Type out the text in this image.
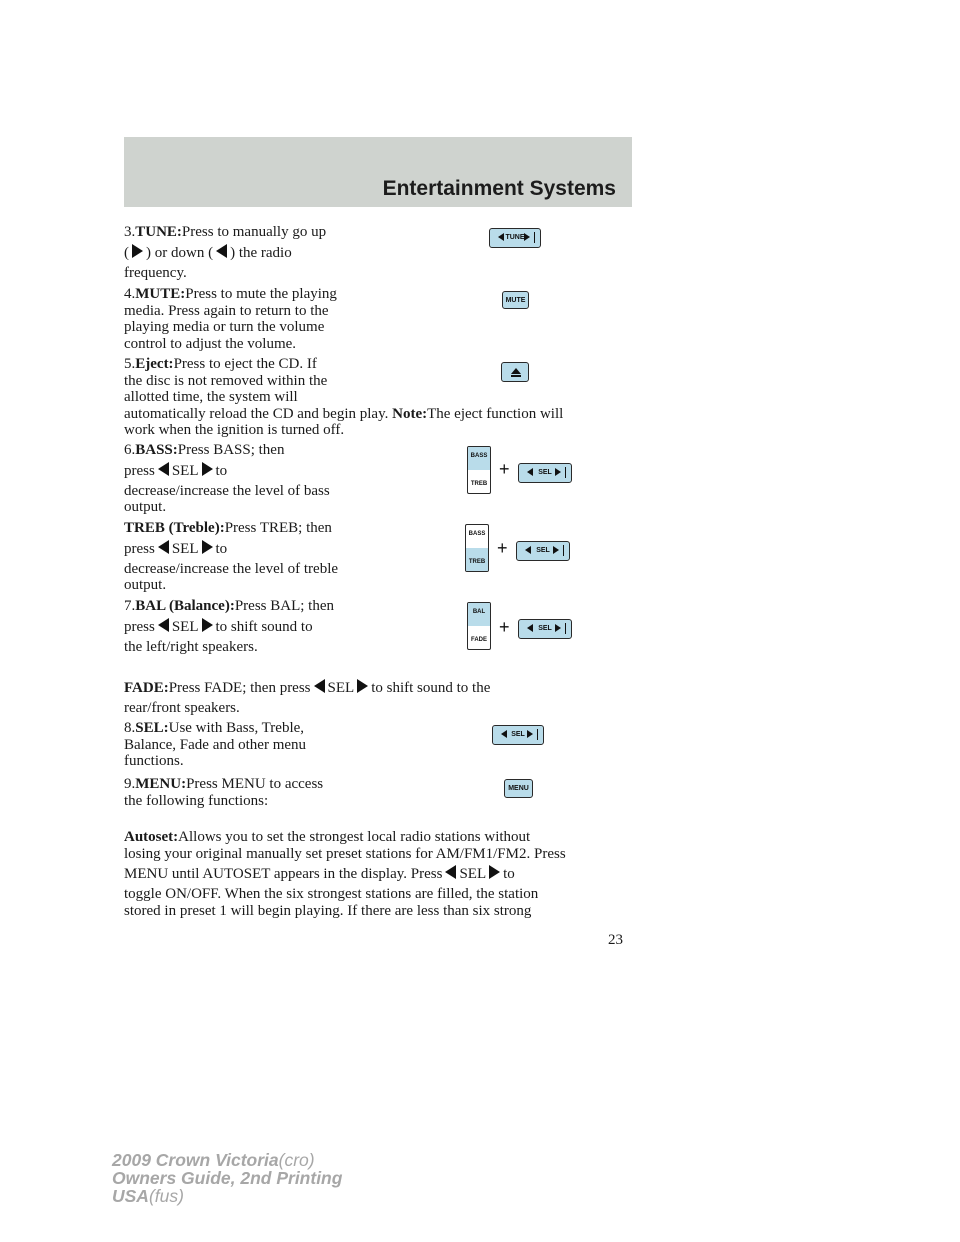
Entertainment Systems

3.TUNE:Press to manually go up
( ) or down ( ) the radio
frequency.

TUNE

4.MUTE:Press to mute the playing
media. Press again to return to the
playing media or turn the volume
control to adjust the volume.

MUTE

5.Eject:Press to eject the CD. If
the disc is not removed within the
allotted time, the system will
automatically reload the CD and begin play. Note:The eject function will
work when the ignition is turned off.

6.BASS:Press BASS; then
press SEL to
decrease/increase the level of bass
output.

BASS
TREB
+	SEL

TREB (Treble):Press TREB; then
press SEL to
decrease/increase the level of treble
output.

BASS
TREB
+	SEL

7.BAL (Balance):Press BAL; then
press SEL to shift sound to
the left/right speakers.

BAL
FADE
+	SEL

FADE:Press FADE; then press SEL to shift sound to the
rear/front speakers.

8.SEL:Use with Bass, Treble,
Balance, Fade and other menu
functions.

SEL

9.MENU:Press MENU to access
the following functions:

MENU

Autoset:Allows you to set the strongest local radio stations without
losing your original manually set preset stations for AM/FM1/FM2. Press
MENU until AUTOSET appears in the display. Press SEL to
toggle ON/OFF. When the six strongest stations are filled, the station
stored in preset 1 will begin playing. If there are less than six strong

23
2009 Crown Victoria(cro)
Owners Guide, 2nd Printing
USA(fus)
